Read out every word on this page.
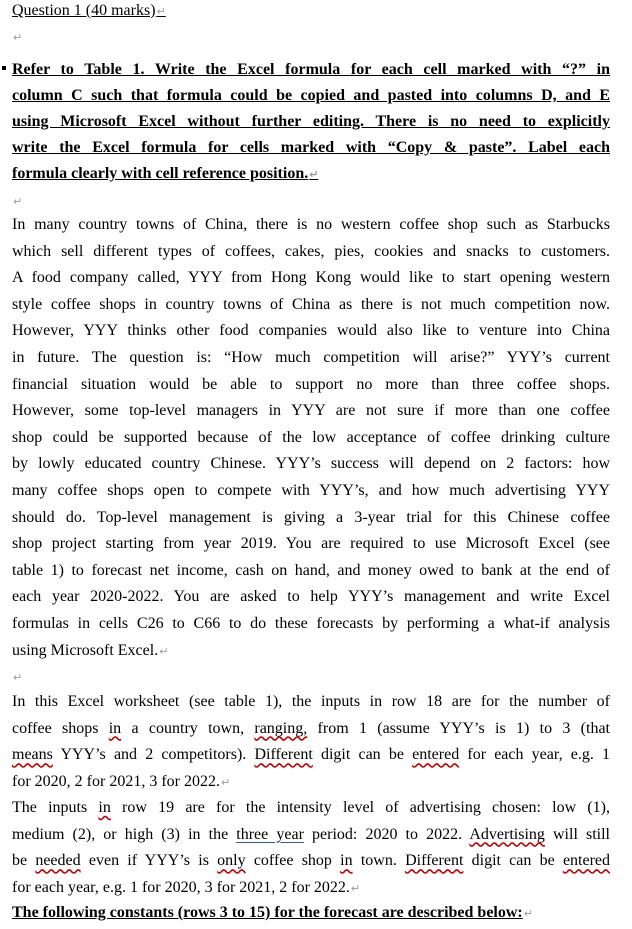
Question 1 (40 marks)↵
↵
Refer to Table 1. Write the Excel formula for each cell marked with “?” in
column C such that formula could be copied and pasted into columns D, and E
using Microsoft Excel without further editing. There is no need to explicitly
write the Excel formula for cells marked with “Copy & paste”. Label each
formula clearly with cell reference position.↵
↵
In many country towns of China, there is no western coffee shop such as Starbucks
which sell different types of coffees, cakes, pies, cookies and snacks to customers.
A food company called, YYY from Hong Kong would like to start opening western
style coffee shops in country towns of China as there is not much competition now.
However, YYY thinks other food companies would also like to venture into China
in future. The question is: “How much competition will arise?” YYY’s current
financial situation would be able to support no more than three coffee shops.
However, some top-level managers in YYY are not sure if more than one coffee
shop could be supported because of the low acceptance of coffee drinking culture
by lowly educated country Chinese. YYY’s success will depend on 2 factors: how
many coffee shops open to compete with YYY’s, and how much advertising YYY
should do. Top-level management is giving a 3-year trial for this Chinese coffee
shop project starting from year 2019. You are required to use Microsoft Excel (see
table 1) to forecast net income, cash on hand, and money owed to bank at the end of
each year 2020-2022. You are asked to help YYY’s management and write Excel
formulas in cells C26 to C66 to do these forecasts by performing a what-if analysis
using Microsoft Excel.↵
↵
In this Excel worksheet (see table 1), the inputs in row 18 are for the number of
coffee shops in a country town, ranging, from 1 (assume YYY’s is 1) to 3 (that
means YYY’s and 2 competitors). Different digit can be entered for each year, e.g. 1
for 2020, 2 for 2021, 3 for 2022.↵
The inputs in row 19 are for the intensity level of advertising chosen: low (1),
medium (2), or high (3) in the three year period: 2020 to 2022. Advertising will still
be needed even if YYY’s is only coffee shop in town. Different digit can be entered
for each year, e.g. 1 for 2020, 3 for 2021, 2 for 2022.↵
The following constants (rows 3 to 15) for the forecast are described below:↵
